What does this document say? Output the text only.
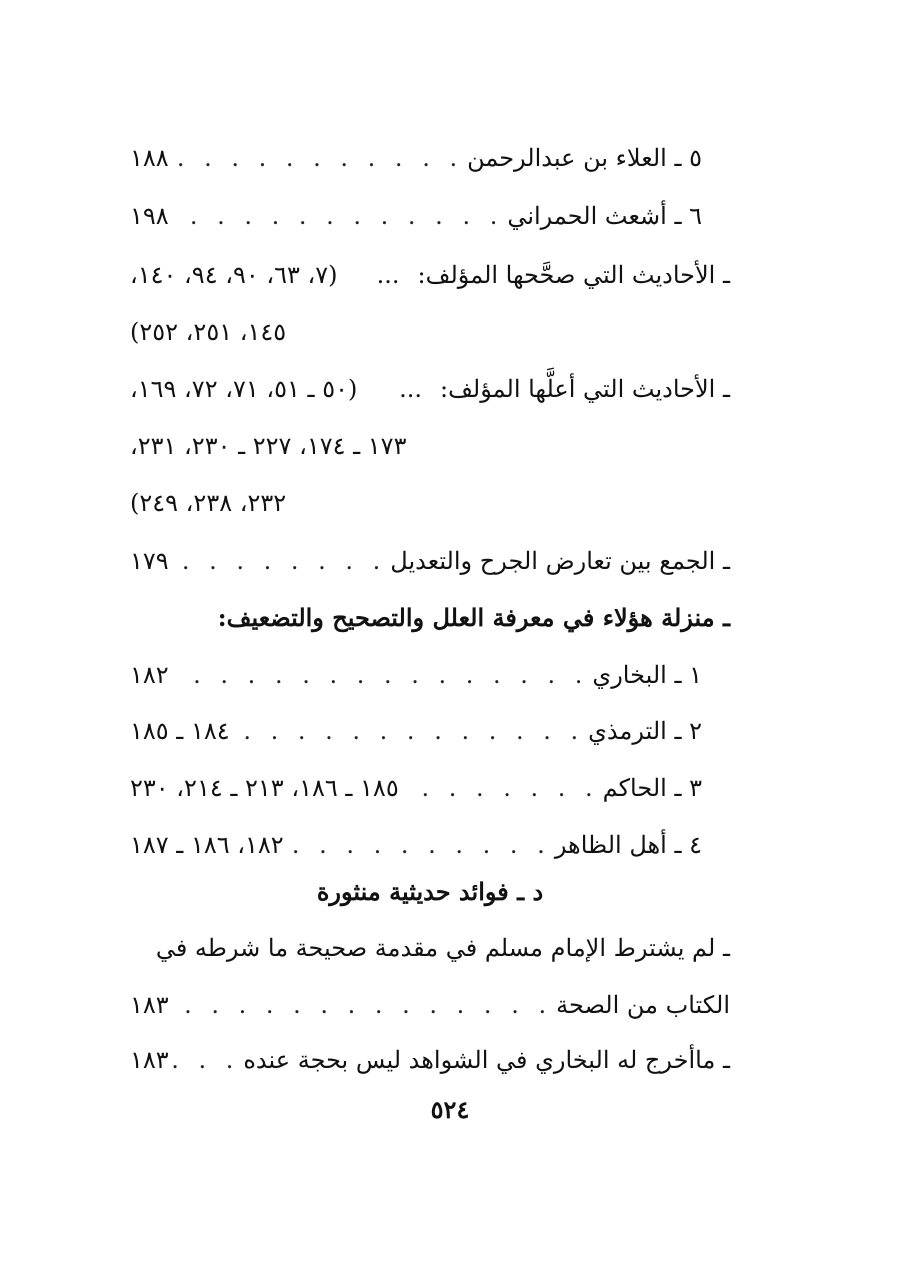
٥ ـ العلاء بن عبدالرحمن
. . .
١٨٨
٦ ـ أشعث الحمراني
. . .
١٩٨
ـ الأحاديث التي صحَّحها المؤلف:
...
(٧، ٦٣، ٩٠، ٩٤، ١٤٠،
١٤٥، ٢٥١، ٢٥٢)
ـ الأحاديث التي أعلَّها المؤلف:
...
(٥٠ ـ ٥١، ٧١، ٧٢، ١٦٩،
١٧٣ ـ ١٧٤، ٢٢٧ ـ ٢٣٠، ٢٣١،
٢٣٢، ٢٣٨، ٢٤٩)
ـ الجمع بين تعارض الجرح والتعديل
. . .
١٧٩
ـ منزلة هؤلاء في معرفة العلل والتصحيح والتضعيف:
١ ـ البخاري
. . .
١٨٢
٢ ـ الترمذي
. . .
١٨٤ ـ ١٨٥
٣ ـ الحاكم
. . .
١٨٥ ـ ١٨٦، ٢١٣ ـ ٢١٤، ٢٣٠
٤ ـ أهل الظاهر
. . .
١٨٢، ١٨٦ ـ ١٨٧
د ـ فوائد حديثية منثورة
ـ لم يشترط الإمام مسلم في مقدمة صحيحة ما شرطه في
الكتاب من الصحة
. . .
١٨٣
ـ ماأخرج له البخاري في الشواهد ليس بحجة عنده
. . .
١٨٣
٥٢٤
